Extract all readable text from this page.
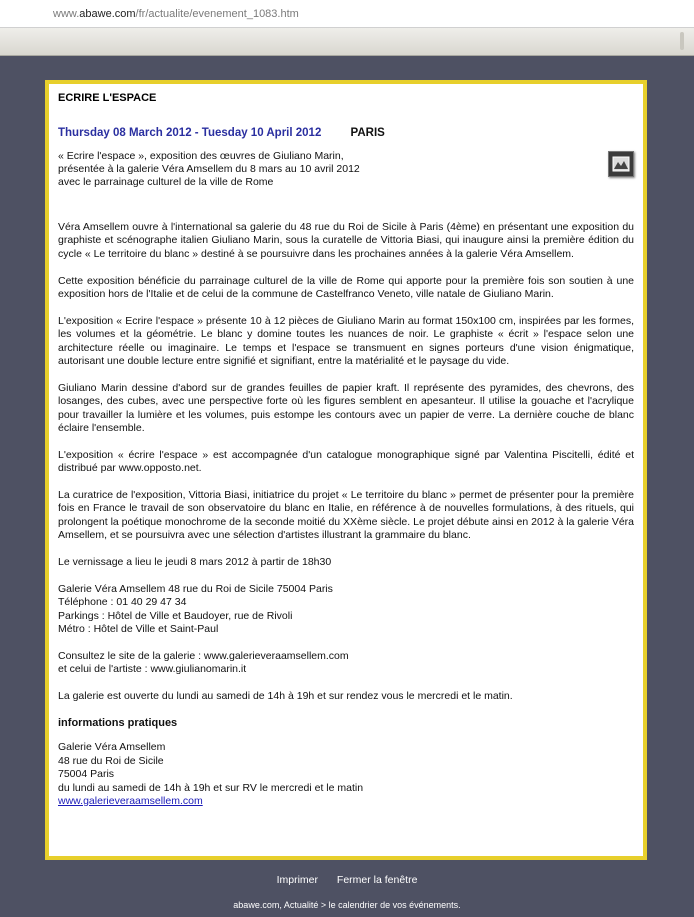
www.abawe.com/fr/actualite/evenement_1083.htm
ECRIRE L'ESPACE
Thursday 08 March 2012 - Tuesday 10 April 2012	PARIS
« Ecrire l'espace », exposition des œuvres de Giuliano Marin,
présentée à la galerie Véra Amsellem du 8 mars au 10 avril 2012
avec le parrainage culturel de la ville de Rome

Véra Amsellem ouvre à l'international sa galerie du 48 rue du Roi de Sicile à Paris (4ème) en présentant une exposition du graphiste et scénographe italien Giuliano Marin, sous la curatelle de Vittoria Biasi, qui inaugure ainsi la première édition du cycle « Le territoire du blanc » destiné à se poursuivre dans les prochaines années à la galerie Véra Amsellem.

Cette exposition bénéficie du parrainage culturel de la ville de Rome qui apporte pour la première fois son soutien à une exposition hors de l'Italie et de celui de la commune de Castelfranco Veneto, ville natale de Giuliano Marin.

L'exposition « Ecrire l'espace » présente 10 à 12 pièces de Giuliano Marin au format 150x100 cm, inspirées par les formes, les volumes et la géométrie. Le blanc y domine toutes les nuances de noir. Le graphiste « écrit » l'espace selon une architecture réelle ou imaginaire. Le temps et l'espace se transmuent en signes porteurs d'une vision énigmatique, autorisant une double lecture entre signifié et signifiant, entre la matérialité et le paysage du vide.

Giuliano Marin dessine d'abord sur de grandes feuilles de papier kraft. Il représente des pyramides, des chevrons, des losanges, des cubes, avec une perspective forte où les figures semblent en apesanteur. Il utilise la gouache et l'acrylique pour travailler la lumière et les volumes, puis estompe les contours avec un papier de verre. La dernière couche de blanc éclaire l'ensemble.

L'exposition « écrire l'espace » est accompagnée d'un catalogue monographique signé par Valentina Piscitelli, édité et distribué par www.opposto.net.

La curatrice de l'exposition, Vittoria Biasi, initiatrice du projet « Le territoire du blanc » permet de présenter pour la première fois en France le travail de son observatoire du blanc en Italie, en référence à de nouvelles formulations, à des rituels, qui prolongent la poétique monochrome de la seconde moitié du XXème siècle. Le projet débute ainsi en 2012 à la galerie Véra Amsellem, et se poursuivra avec une sélection d'artistes illustrant la grammaire du blanc.

Le vernissage a lieu le jeudi 8 mars 2012 à partir de 18h30

Galerie Véra Amsellem 48 rue du Roi de Sicile 75004 Paris
Téléphone : 01 40 29 47 34
Parkings : Hôtel de Ville et Baudoyer, rue de Rivoli
Métro : Hôtel de Ville et Saint-Paul

Consultez le site de la galerie : www.galerieveraamsellem.com
et celui de l'artiste : www.giulianomarin.it

La galerie est ouverte du lundi au samedi de 14h à 19h et sur rendez vous le mercredi et le matin.

informations pratiques
Galerie Véra Amsellem
48 rue du Roi de Sicile
75004 Paris
du lundi au samedi de 14h à 19h et sur RV le mercredi et le matin
www.galerieveraamsellem.com
Imprimer Fermer la fenêtre
abawe.com, Actualité > le calendrier de vos événements.
